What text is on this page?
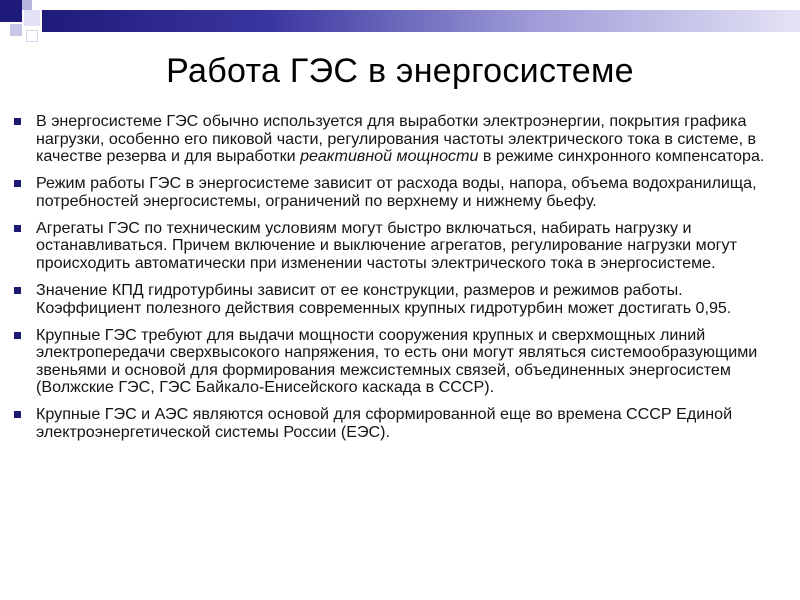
Работа ГЭС в энергосистеме
В энергосистеме ГЭС обычно используется для выработки электроэнергии, покрытия графика нагрузки, особенно его пиковой части, регулирования частоты электрического тока в системе, в качестве резерва и для выработки реактивной мощности в режиме синхронного компенсатора.
Режим работы ГЭС в энергосистеме зависит от расхода воды, напора, объема водохранилища, потребностей энергосистемы, ограничений по верхнему и нижнему бьефу.
Агрегаты ГЭС по техническим условиям могут быстро включаться, набирать нагрузку и останавливаться. Причем включение и выключение агрегатов, регулирование нагрузки могут происходить автоматически при изменении частоты электрического тока в энергосистеме.
Значение КПД гидротурбины зависит от ее конструкции, размеров и режимов работы. Коэффициент полезного действия современных крупных гидротурбин может достигать 0,95.
Крупные ГЭС требуют для выдачи мощности сооружения крупных и сверхмощных линий электропередачи сверхвысокого напряжения, то есть они могут являться системообразующими звеньями и основой для формирования межсистемных связей, объединенных энергосистем (Волжские ГЭС, ГЭС Байкало-Енисейского каскада в СССР).
Крупные ГЭС и АЭС являются основой для сформированной еще во времена СССР Единой электроэнергетической системы России (ЕЭС).
